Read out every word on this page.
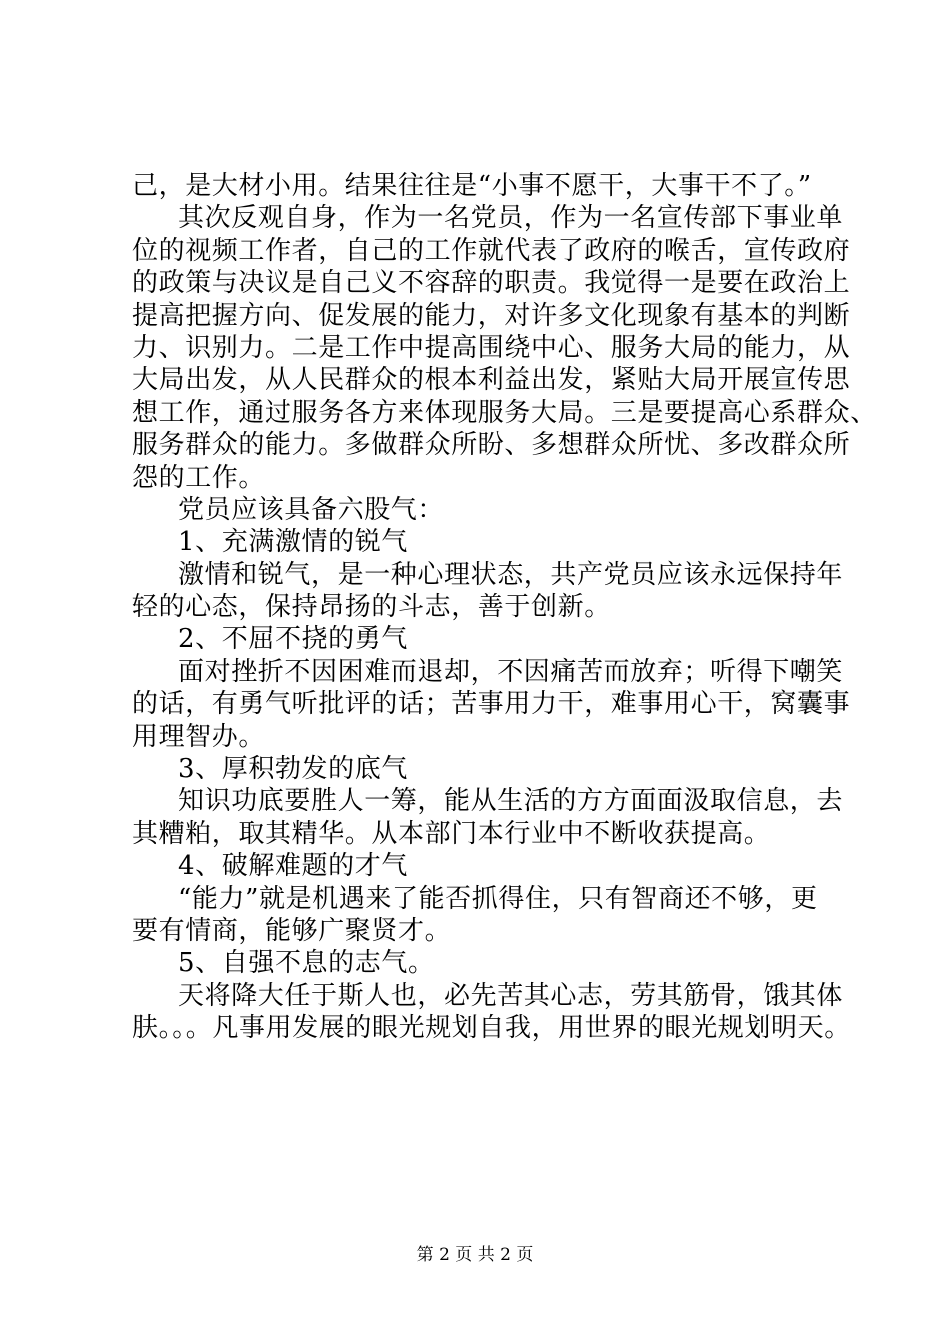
己，是大材小用。结果往往是“小事不愿干，大事干不了。”
其次反观自身，作为一名党员，作为一名宣传部下事业单
位的视频工作者，自己的工作就代表了政府的喉舌，宣传政府
的政策与决议是自己义不容辞的职责。我觉得一是要在政治上
提高把握方向、促发展的能力，对许多文化现象有基本的判断
力、识别力。二是工作中提高围绕中心、服务大局的能力，从
大局出发，从人民群众的根本利益出发，紧贴大局开展宣传思
想工作，通过服务各方来体现服务大局。三是要提高心系群众、
服务群众的能力。多做群众所盼、多想群众所忧、多改群众所
怨的工作。
党员应该具备六股气：
1、充满激情的锐气
激情和锐气，是一种心理状态，共产党员应该永远保持年
轻的心态，保持昂扬的斗志，善于创新。
2、不屈不挠的勇气
面对挫折不因困难而退却，不因痛苦而放弃；听得下嘲笑
的话，有勇气听批评的话；苦事用力干，难事用心干，窝囊事
用理智办。
3、厚积勃发的底气
知识功底要胜人一筹，能从生活的方方面面汲取信息，去
其糟粕，取其精华。从本部门本行业中不断收获提高。
4、破解难题的才气
“能力”就是机遇来了能否抓得住，只有智商还不够，更
要有情商，能够广聚贤才。
5、自强不息的志气。
天将降大任于斯人也，必先苦其心志，劳其筋骨，饿其体
肤。。。凡事用发展的眼光规划自我，用世界的眼光规划明天。
第 2 页 共 2 页
